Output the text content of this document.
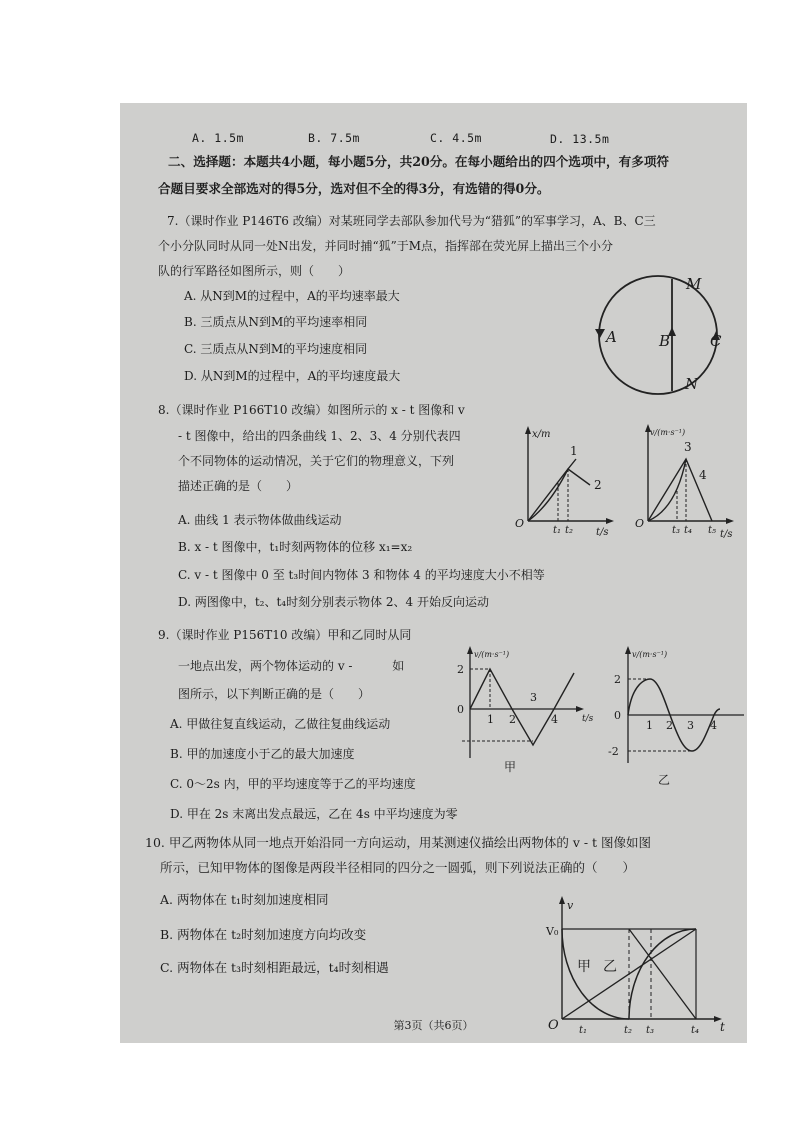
A. 1.5m	B. 7.5m	C. 4.5m	D. 13.5m
二、选择题：本题共4小题，每小题5分，共20分。在每小题给出的四个选项中，有多项符
合题目要求全部选对的得5分，选对但不全的得3分，有选错的得0分。
7.（课时作业 P146T6 改编）对某班同学去部队参加代号为“猎狐”的军事学习，A、B、C三
个小分队同时从同一处N出发，并同时捕“狐”于M点，指挥部在荧光屏上描出三个小分
队的行军路径如图所示，则（　　）
A. 从N到M的过程中，A的平均速率最大
B. 三质点从N到M的平均速率相同
C. 三质点从N到M的平均速度相同
D. 从N到M的过程中，A的平均速度最大
M
N
A	B	C
8.（课时作业 P166T10 改编）如图所示的 x - t 图像和 v
- t 图像中，给出的四条曲线 1、2、3、4 分别代表四
个不同物体的运动情况，关于它们的物理意义，下列
描述正确的是（　　）
A. 曲线 1 表示物体做曲线运动
B. x - t 图像中，t₁时刻两物体的位移 x₁=x₂
C. v - t 图像中 0 至 t₃时间内物体 3 和物体 4 的平均速度大小不相等
D. 两图像中，t₂、t₄时刻分别表示物体 2、4 开始反向运动
x/m
O
t₁ t₂ t/s
1
2
v/(m·s⁻¹)
O
t₃ t₄ t₅ t/s
3
4
9.（课时作业 P156T10 改编）甲和乙同时从同
一地点出发，两个物体运动的 v -　　　 如
图所示，以下判断正确的是（　　）
A. 甲做往复直线运动，乙做往复曲线运动
B. 甲的加速度小于乙的最大加速度
C. 0～2s 内，甲的平均速度等于乙的平均速度
D. 甲在 2s 末离出发点最远，乙在 4s 中平均速度为零
v/(m·s⁻¹)
2
0
1 2
3
4	t/s
甲
v/(m·s⁻¹)
2
0
-2
1 2 3 4
乙
10. 甲乙两物体从同一地点开始沿同一方向运动，用某测速仪描绘出两物体的 v - t 图像如图
所示，已知甲物体的图像是两段半径相同的四分之一圆弧，则下列说法正确的（　　）
A. 两物体在 t₁时刻加速度相同
B. 两物体在 t₂时刻加速度方向均改变
C. 两物体在 t₃时刻相距最远，t₄时刻相遇
V₀
v
O	t
甲 乙
t₁	t₂ t₃	t₄
第3页（共6页）
